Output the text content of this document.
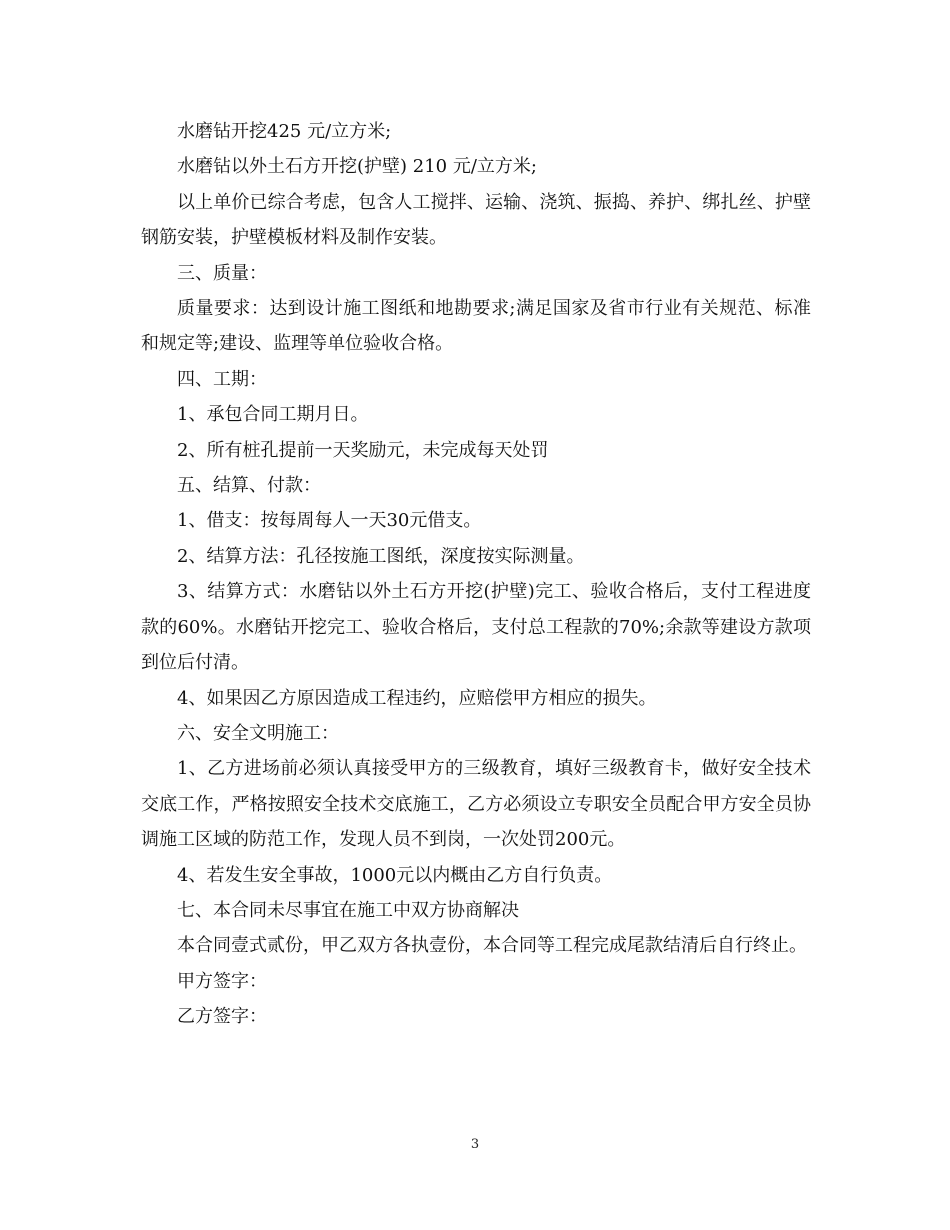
水磨钻开挖425 元/立方米;

水磨钻以外土石方开挖(护壁) 210 元/立方米;

以上单价已综合考虑，包含人工搅拌、运输、浇筑、振捣、养护、绑扎丝、护壁钢筋安装，护壁模板材料及制作安装。

三、质量：

质量要求：达到设计施工图纸和地勘要求;满足国家及省市行业有关规范、标准和规定等;建设、监理等单位验收合格。

四、工期：

1、承包合同工期月日。

2、所有桩孔提前一天奖励元，未完成每天处罚

五、结算、付款：

1、借支：按每周每人一天30元借支。

2、结算方法：孔径按施工图纸，深度按实际测量。

3、结算方式：水磨钻以外土石方开挖(护壁)完工、验收合格后，支付工程进度款的60%。水磨钻开挖完工、验收合格后，支付总工程款的70%;余款等建设方款项到位后付清。

4、如果因乙方原因造成工程违约，应赔偿甲方相应的损失。

六、安全文明施工：

1、乙方进场前必须认真接受甲方的三级教育，填好三级教育卡，做好安全技术交底工作，严格按照安全技术交底施工，乙方必须设立专职安全员配合甲方安全员协调施工区域的防范工作，发现人员不到岗，一次处罚200元。

4、若发生安全事故，1000元以内概由乙方自行负责。

七、本合同未尽事宜在施工中双方协商解决

本合同壹式贰份，甲乙双方各执壹份，本合同等工程完成尾款结清后自行终止。

甲方签字：

乙方签字：

3
